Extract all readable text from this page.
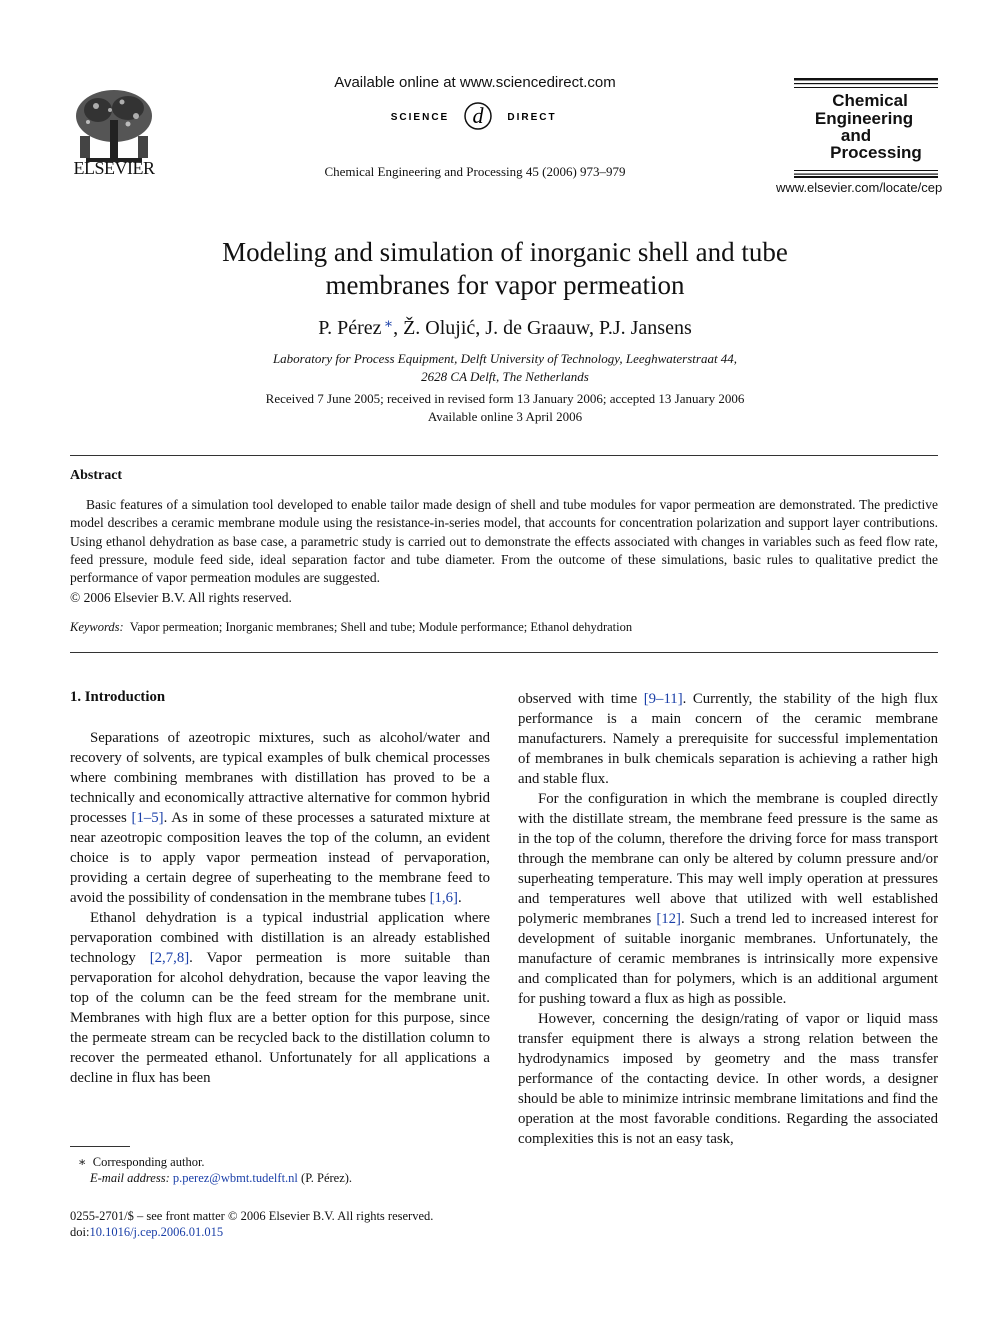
ELSEVIER
Available online at www.sciencedirect.com
SCIENCE d DIRECT
Chemical Engineering and Processing 45 (2006) 973–979
Chemical
Engineering
and
Processing
www.elsevier.com/locate/cep
Modeling and simulation of inorganic shell and tube
membranes for vapor permeation
P. Pérez ∗, Ž. Olujić, J. de Graauw, P.J. Jansens
Laboratory for Process Equipment, Delft University of Technology, Leeghwaterstraat 44,
2628 CA Delft, The Netherlands
Received 7 June 2005; received in revised form 13 January 2006; accepted 13 January 2006
Available online 3 April 2006
Abstract

Basic features of a simulation tool developed to enable tailor made design of shell and tube modules for vapor permeation are demonstrated. The predictive model describes a ceramic membrane module using the resistance-in-series model, that accounts for concentration polarization and support layer contributions. Using ethanol dehydration as base case, a parametric study is carried out to demonstrate the effects associated with changes in variables such as feed flow rate, feed pressure, module feed side, ideal separation factor and tube diameter. From the outcome of these simulations, basic rules to qualitative predict the performance of vapor permeation modules are suggested.

© 2006 Elsevier B.V. All rights reserved.
Keywords: Vapor permeation; Inorganic membranes; Shell and tube; Module performance; Ethanol dehydration
1. Introduction

Separations of azeotropic mixtures, such as alcohol/water and recovery of solvents, are typical examples of bulk chemical processes where combining membranes with distillation has proved to be a technically and economically attractive alternative for common hybrid processes [1–5]. As in some of these processes a saturated mixture at near azeotropic composition leaves the top of the column, an evident choice is to apply vapor permeation instead of pervaporation, providing a certain degree of superheating to the membrane feed to avoid the possibility of condensation in the membrane tubes [1,6].

Ethanol dehydration is a typical industrial application where pervaporation combined with distillation is an already established technology [2,7,8]. Vapor permeation is more suitable than pervaporation for alcohol dehydration, because the vapor leaving the top of the column can be the feed stream for the membrane unit. Membranes with high flux are a better option for this purpose, since the permeate stream can be recycled back to the distillation column to recover the permeated ethanol. Unfortunately for all applications a decline in flux has been

observed with time [9–11]. Currently, the stability of the high flux performance is a main concern of the ceramic membrane manufacturers. Namely a prerequisite for successful implementation of membranes in bulk chemicals separation is achieving a rather high and stable flux.

For the configuration in which the membrane is coupled directly with the distillate stream, the membrane feed pressure is the same as in the top of the column, therefore the driving force for mass transport through the membrane can only be altered by column pressure and/or superheating temperature. This may well imply operation at pressures and temperatures well above that utilized with well established polymeric membranes [12]. Such a trend led to increased interest for development of suitable inorganic membranes. Unfortunately, the manufacture of ceramic membranes is intrinsically more expensive and complicated than for polymers, which is an additional argument for pushing toward a flux as high as possible.

However, concerning the design/rating of vapor or liquid mass transfer equipment there is always a strong relation between the hydrodynamics imposed by geometry and the mass transfer performance of the contacting device. In other words, a designer should be able to minimize intrinsic membrane limitations and find the operation at the most favorable conditions. Regarding the associated complexities this is not an easy task,

∗ Corresponding author.
E-mail address: p.perez@wbmt.tudelft.nl (P. Pérez).
0255-2701/$ – see front matter © 2006 Elsevier B.V. All rights reserved.
doi:10.1016/j.cep.2006.01.015
